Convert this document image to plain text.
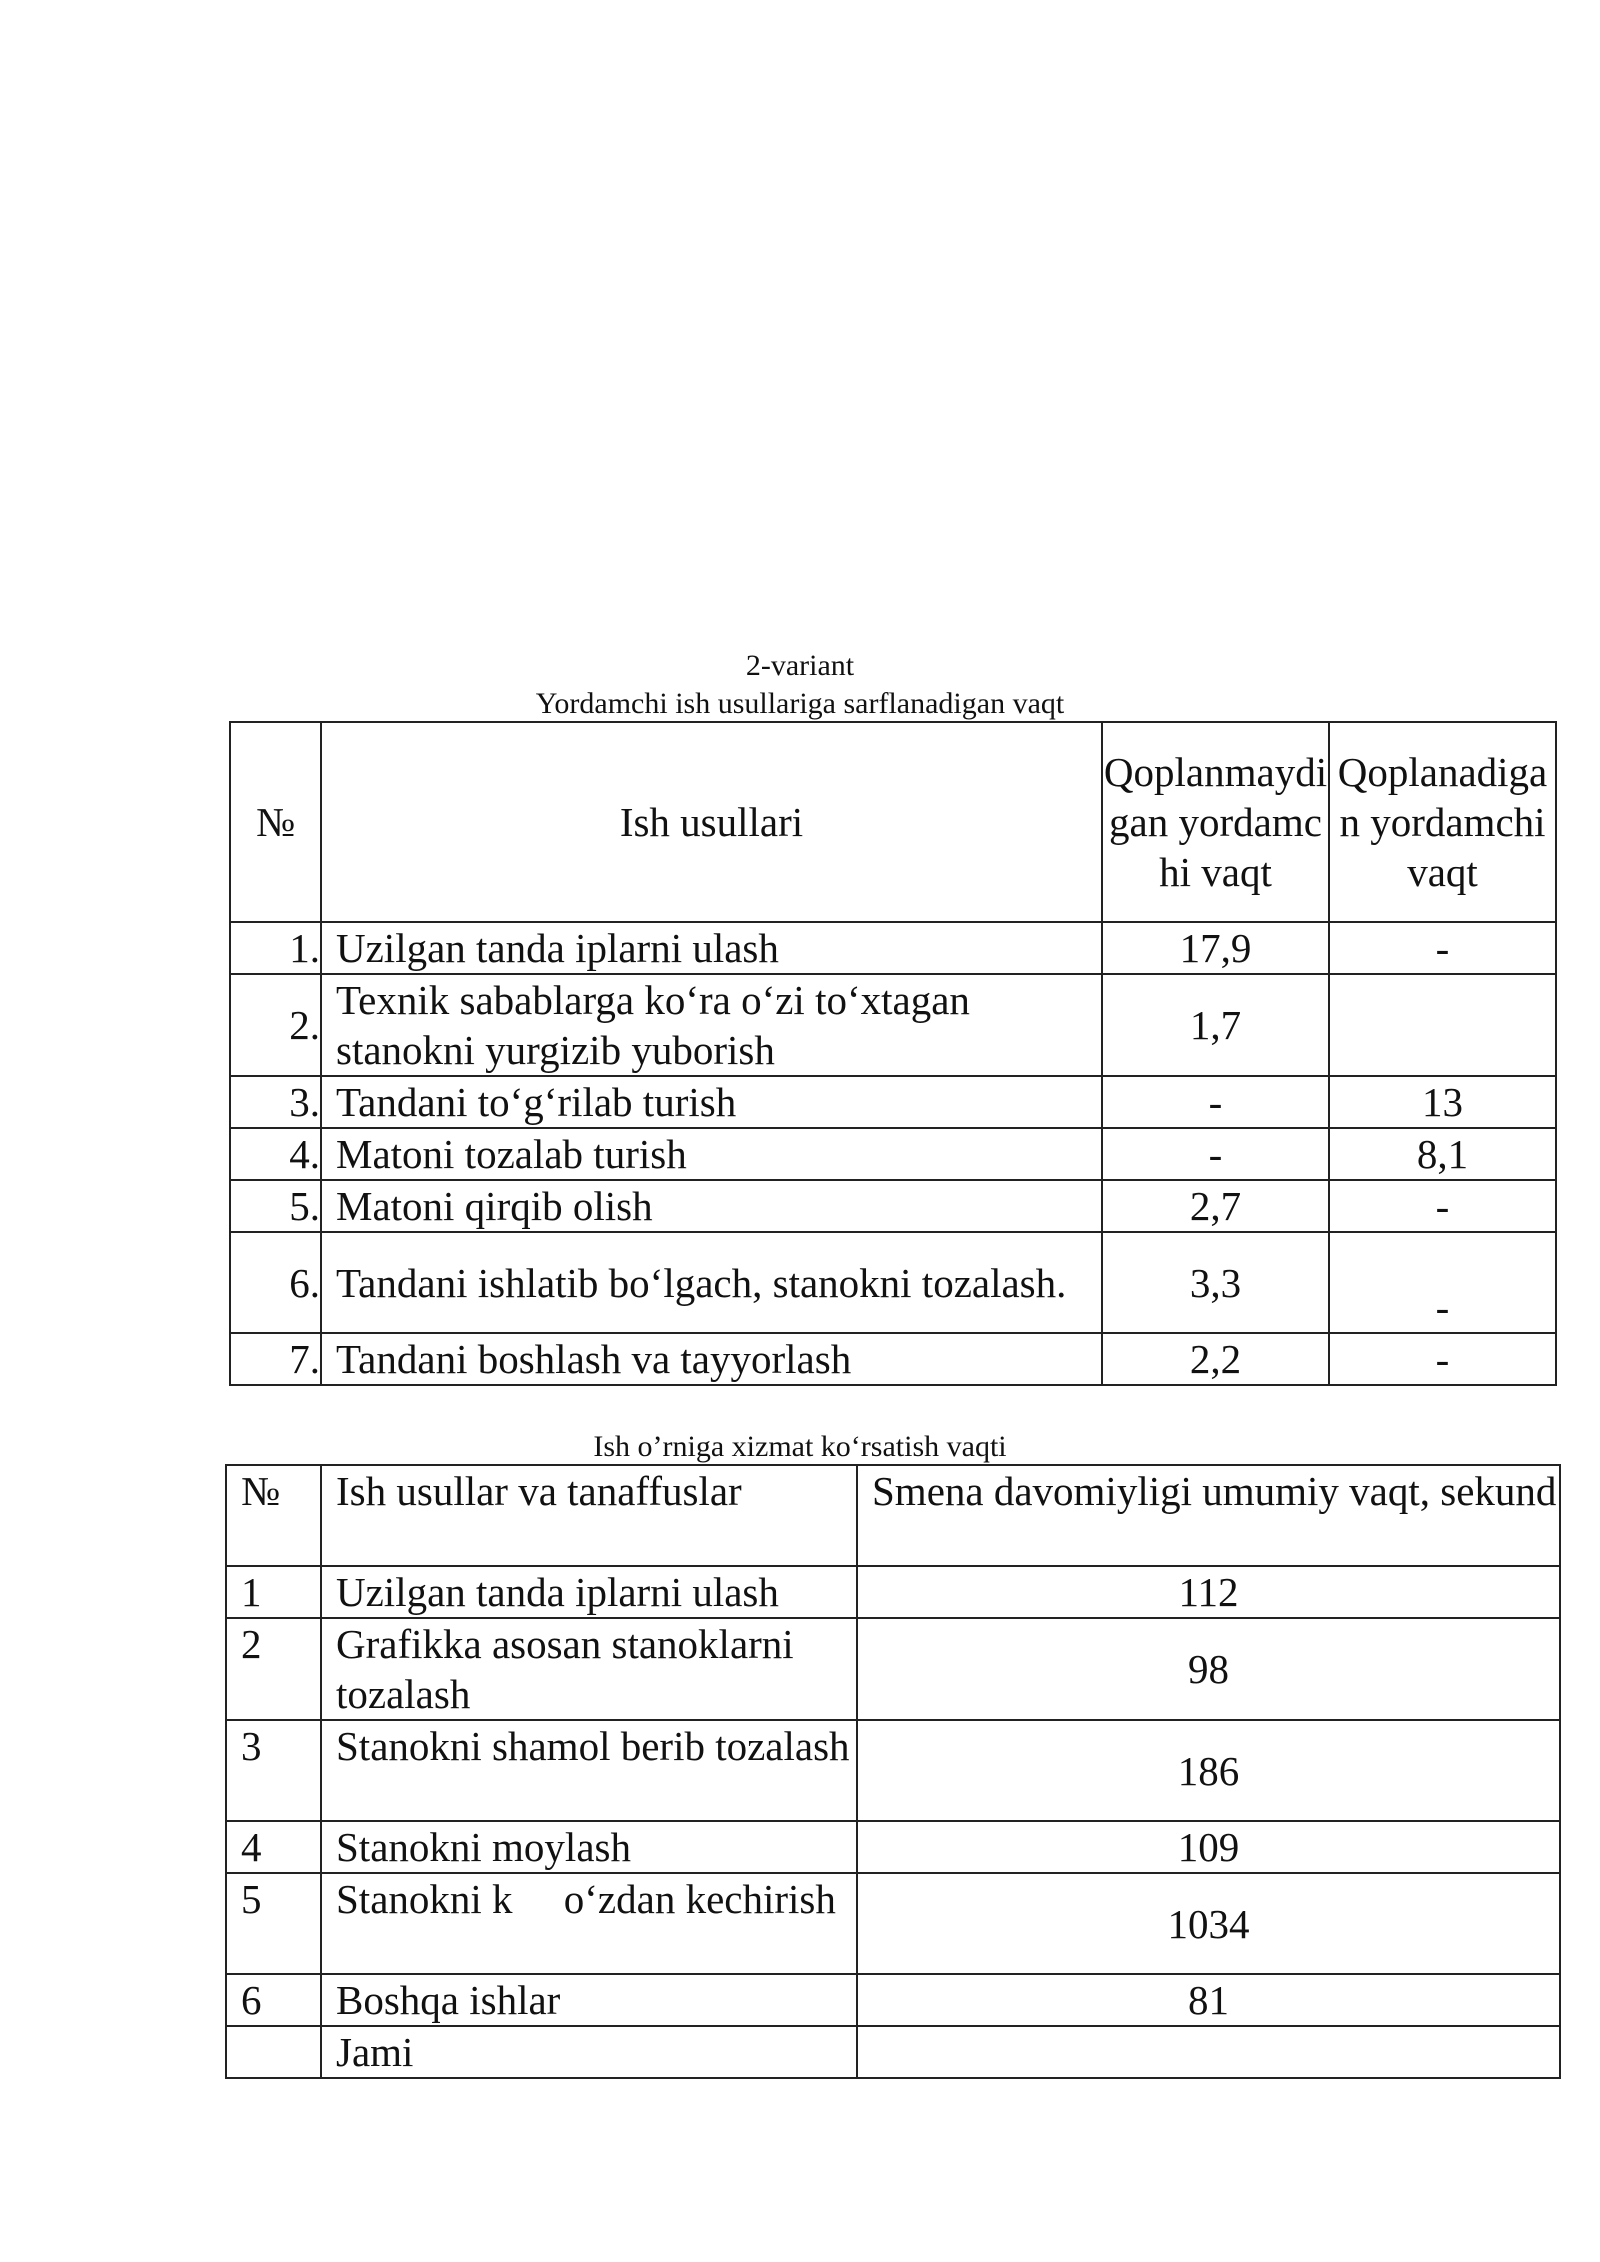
2-variant
Yordamchi ish usullariga sarflanadigan vaqt
№	Ish usullari	Qoplanmaydigan yordamchi vaqt	Qoplanadigan yordamchi vaqt
1.	Uzilgan tanda iplarni ulash	17,9	-
2.	Texnik sabablarga ko‘ra o‘zi to‘xtagan stanokni yurgizib yuborish	1,7	
3.	Tandani to‘g‘rilab turish	-	13
4.	Matoni tozalab turish	-	8,1
5.	Matoni qirqib olish	2,7	-
6.	Tandani ishlatib bo‘lgach, stanokni tozalash.	3,3	-
7.	Tandani boshlash va tayyorlash	2,2	-
Ish o’rniga xizmat ko‘rsatish vaqti
№	Ish usullar va tanaffuslar	Smena davomiyligi umumiy vaqt, sekund
1	Uzilgan tanda iplarni ulash	112
2	Grafikka asosan stanoklarni tozalash	98
3	Stanokni shamol berib tozalash	186
4	Stanokni moylash	109
5	Stanokni k     o‘zdan kechirish	1034
6	Boshqa ishlar	81
	Jami	
